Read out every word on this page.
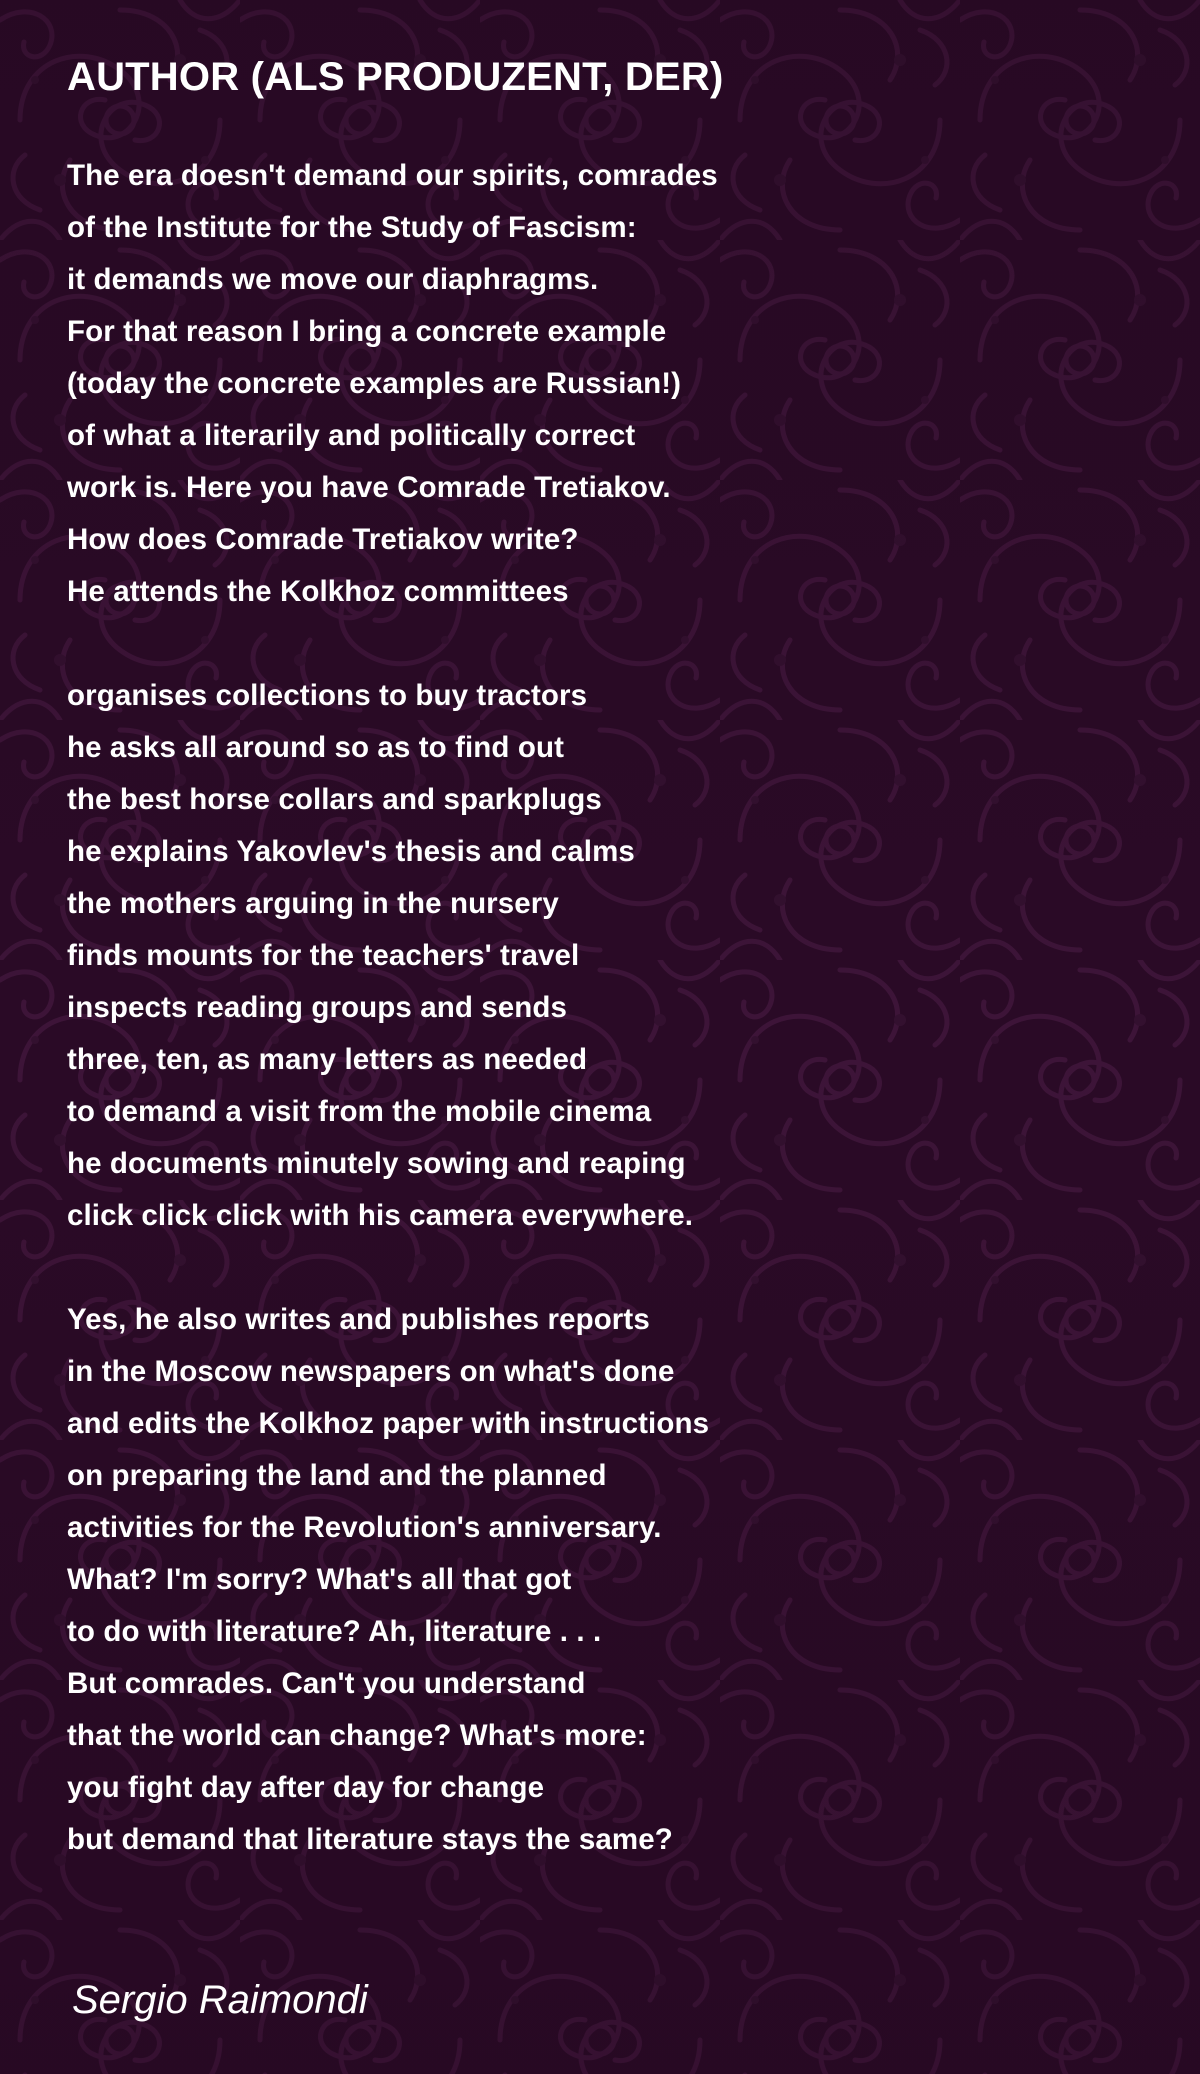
AUTHOR (ALS PRODUZENT, DER)
The era doesn't demand our spirits, comrades
of the Institute for the Study of Fascism:
it demands we move our diaphragms.
For that reason I bring a concrete example
(today the concrete examples are Russian!)
of what a literarily and politically correct
work is. Here you have Comrade Tretiakov.
How does Comrade Tretiakov write?
He attends the Kolkhoz committees
organises collections to buy tractors
he asks all around so as to find out
the best horse collars and sparkplugs
he explains Yakovlev's thesis and calms
the mothers arguing in the nursery
finds mounts for the teachers' travel
inspects reading groups and sends
three, ten, as many letters as needed
to demand a visit from the mobile cinema
he documents minutely sowing and reaping
click click click with his camera everywhere.
Yes, he also writes and publishes reports
in the Moscow newspapers on what's done
and edits the Kolkhoz paper with instructions
on preparing the land and the planned
activities for the Revolution's anniversary.
What? I'm sorry? What's all that got
to do with literature? Ah, literature . . .
But comrades. Can't you understand
that the world can change? What's more:
you fight day after day for change
but demand that literature stays the same?

Sergio Raimondi
